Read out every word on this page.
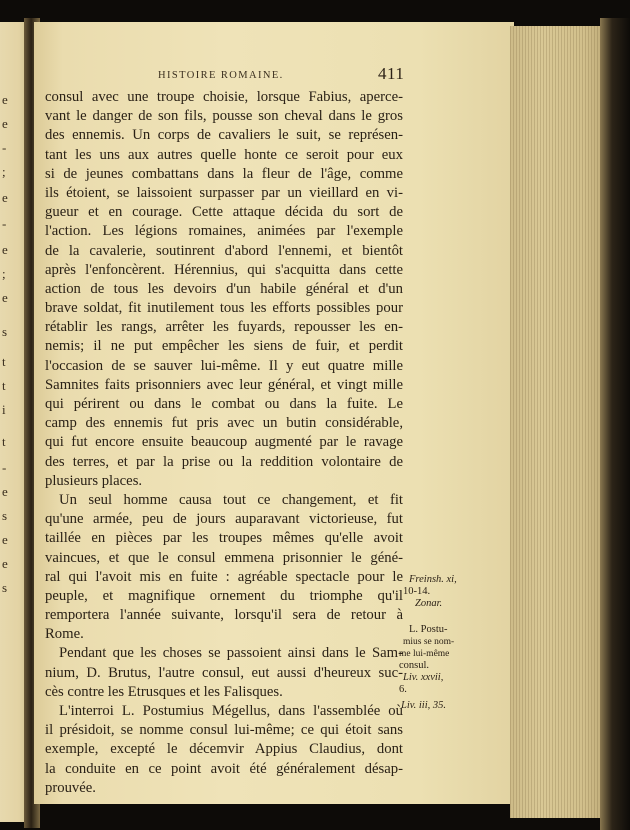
e
e
-
;
e
-
e
;
e
s
t
t
i
t
-
e
s
e
e
s
HISTOIRE ROMAINE.	411

consul avec une troupe choisie, lorsque Fabius, aperce-
vant le danger de son fils, pousse son cheval dans le gros
des ennemis. Un corps de cavaliers le suit, se représen-
tant les uns aux autres quelle honte ce seroit pour eux
si de jeunes combattans dans la fleur de l'âge, comme
ils étoient, se laissoient surpasser par un vieillard en vi-
gueur et en courage. Cette attaque décida du sort de
l'action. Les légions romaines, animées par l'exemple
de la cavalerie, soutinrent d'abord l'ennemi, et bientôt
après l'enfoncèrent. Hérennius, qui s'acquitta dans cette
action de tous les devoirs d'un habile général et d'un
brave soldat, fit inutilement tous les efforts possibles pour
rétablir les rangs, arrêter les fuyards, repousser les en-
nemis; il ne put empêcher les siens de fuir, et perdit
l'occasion de se sauver lui-même. Il y eut quatre mille
Samnites faits prisonniers avec leur général, et vingt mille
qui périrent ou dans le combat ou dans la fuite. Le
camp des ennemis fut pris avec un butin considérable,
qui fut encore ensuite beaucoup augmenté par le ravage
des terres, et par la prise ou la reddition volontaire de
plusieurs places.

Un seul homme causa tout ce changement, et fit
qu'une armée, peu de jours auparavant victorieuse, fut
taillée en pièces par les troupes mêmes qu'elle avoit
vaincues, et que le consul emmena prisonnier le géné-
ral qui l'avoit mis en fuite : agréable spectacle pour le
peuple, et magnifique ornement du triomphe qu'il
remportera l'année suivante, lorsqu'il sera de retour à
Rome.

Pendant que les choses se passoient ainsi dans le Sam-
nium, D. Brutus, l'autre consul, eut aussi d'heureux suc-
cès contre les Etrusques et les Falisques.

L'interroi L. Postumius Mégellus, dans l'assemblée où
il présidoit, se nomme consul lui-même; ce qui étoit sans
exemple, excepté le décemvir Appius Claudius, dont
la conduite en ce point avoit été généralement désap-
prouvée.

Freinsh. xi,
10-14.
Zonar.
L. Postu-
mius se nom-
me lui-même
consul.
Liv. xxvii,
6.
Liv. iii, 35.
